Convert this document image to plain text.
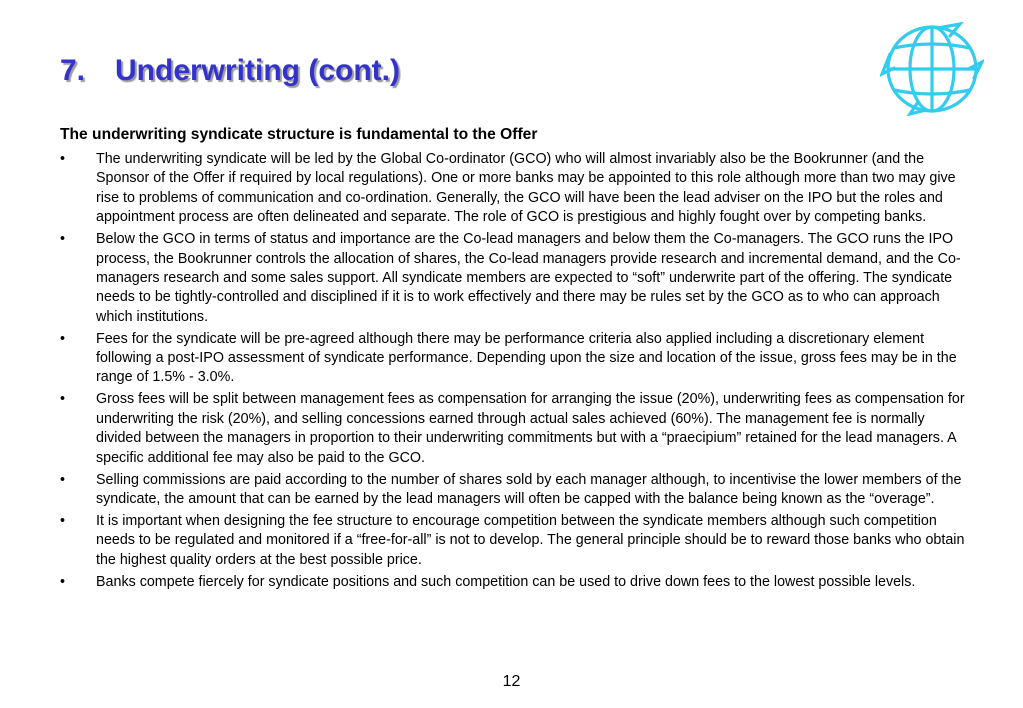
7. Underwriting (cont.)
The underwriting syndicate structure is fundamental to the Offer
• The underwriting syndicate will be led by the Global Co-ordinator (GCO) who will almost invariably also be the Bookrunner (and the Sponsor of the Offer if required by local regulations). One or more banks may be appointed to this role although more than two may give rise to problems of communication and co-ordination. Generally, the GCO will have been the lead adviser on the IPO but the roles and appointment process are often delineated and separate. The role of GCO is prestigious and highly fought over by competing banks.
• Below the GCO in terms of status and importance are the Co-lead managers and below them the Co-managers. The GCO runs the IPO process, the Bookrunner controls the allocation of shares, the Co-lead managers provide research and incremental demand, and the Co-managers research and some sales support. All syndicate members are expected to “soft” underwrite part of the offering. The syndicate needs to be tightly-controlled and disciplined if it is to work effectively and there may be rules set by the GCO as to who can approach which institutions.
• Fees for the syndicate will be pre-agreed although there may be performance criteria also applied including a discretionary element following a post-IPO assessment of syndicate performance. Depending upon the size and location of the issue, gross fees may be in the range of 1.5% - 3.0%.
• Gross fees will be split between management fees as compensation for arranging the issue (20%), underwriting fees as compensation for underwriting the risk (20%), and selling concessions earned through actual sales achieved (60%). The management fee is normally divided between the managers in proportion to their underwriting commitments but with a “praecipium” retained for the lead managers. A specific additional fee may also be paid to the GCO.
• Selling commissions are paid according to the number of shares sold by each manager although, to incentivise the lower members of the syndicate, the amount that can be earned by the lead managers will often be capped with the balance being known as the “overage”.
• It is important when designing the fee structure to encourage competition between the syndicate members although such competition needs to be regulated and monitored if a “free-for-all” is not to develop. The general principle should be to reward those banks who obtain the highest quality orders at the best possible price.
• Banks compete fiercely for syndicate positions and such competition can be used to drive down fees to the lowest possible levels.
12
